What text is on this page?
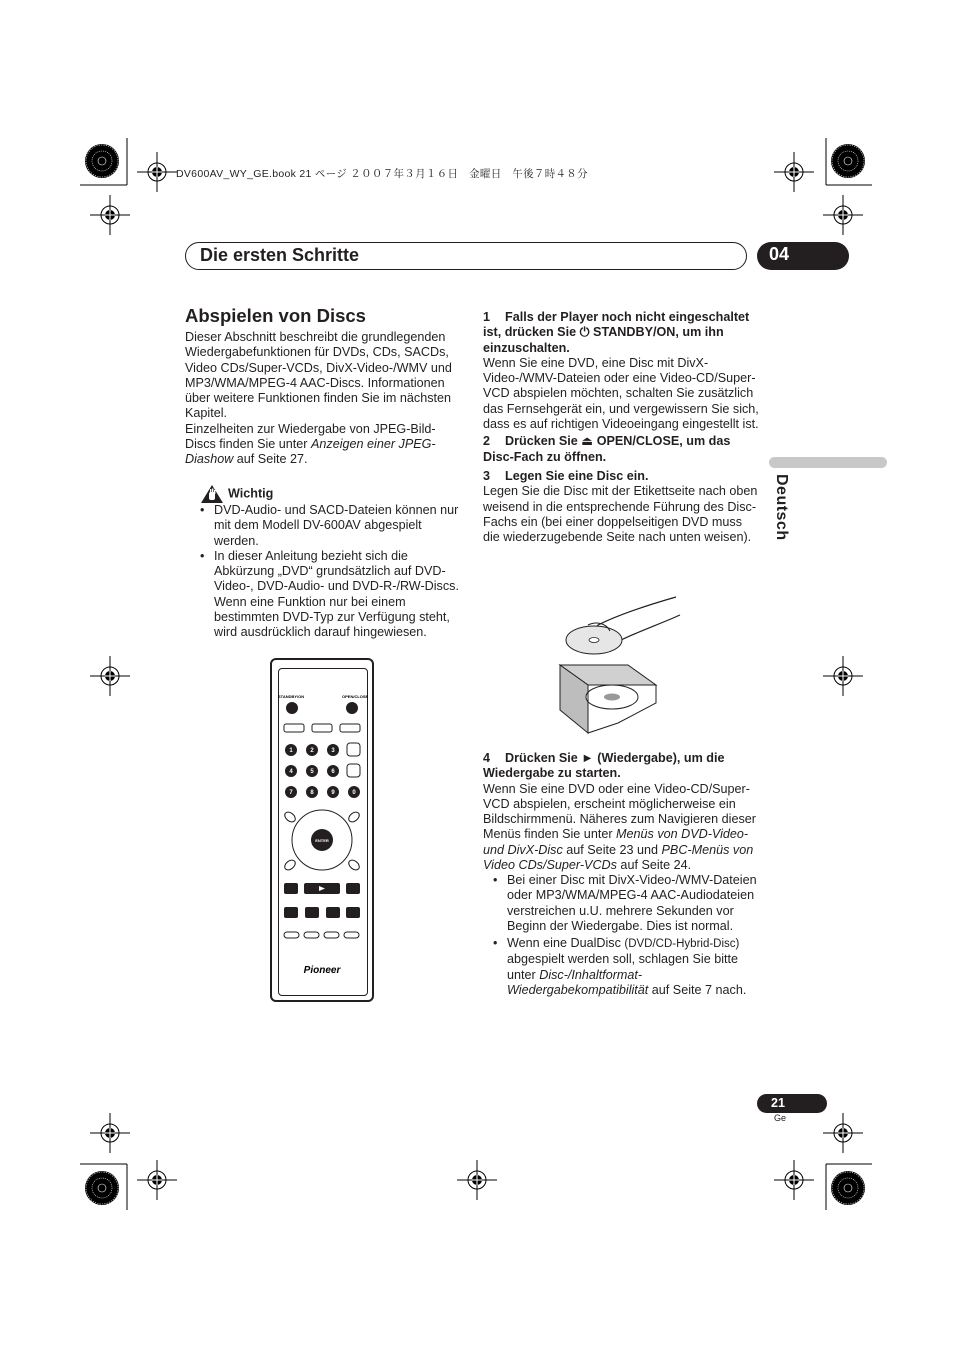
DV600AV_WY_GE.book 21 ページ ２００７年３月１６日　金曜日　午後７時４８分
Die ersten Schritte	04
Deutsch
Abspielen von Discs

Dieser Abschnitt beschreibt die grundlegenden Wiedergabefunktionen für DVDs, CDs, SACDs, Video CDs/Super-VCDs, DivX-Video-/WMV und MP3/WMA/MPEG-4 AAC-Discs. Informationen über weitere Funktionen finden Sie im nächsten Kapitel.

Einzelheiten zur Wiedergabe von JPEG-Bild-Discs finden Sie unter Anzeigen einer JPEG-Diashow auf Seite 27.

Wichtig
• DVD-Audio- und SACD-Dateien können nur mit dem Modell DV-600AV abgespielt werden.
• In dieser Anleitung bezieht sich die Abkürzung „DVD“ grundsätzlich auf DVD-Video-, DVD-Audio- und DVD-R-/RW-Discs. Wenn eine Funktion nur bei einem bestimmten DVD-Typ zur Verfügung steht, wird ausdrücklich darauf hingewiesen.
STANDBY/ON	OPEN/CLOSE
1	2	3
4	5	6
7	8	9	0
ENTER
Pioneer

1 Falls der Player noch nicht eingeschaltet ist, drücken Sie ⏻ STANDBY/ON, um ihn einzuschalten.

Wenn Sie eine DVD, eine Disc mit DivX-Video-/WMV-Dateien oder eine Video-CD/Super-VCD abspielen möchten, schalten Sie zusätzlich das Fernsehgerät ein, und vergewissern Sie sich, dass es auf richtigen Videoeingang eingestellt ist.

2 Drücken Sie ⏏ OPEN/CLOSE, um das Disc-Fach zu öffnen.

3 Legen Sie eine Disc ein.

Legen Sie die Disc mit der Etikettseite nach oben weisend in die entsprechende Führung des Disc-Fachs ein (bei einer doppelseitigen DVD muss die wiederzugebende Seite nach unten weisen).

4 Drücken Sie ► (Wiedergabe), um die Wiedergabe zu starten.

Wenn Sie eine DVD oder eine Video-CD/Super-VCD abspielen, erscheint möglicherweise ein Bildschirmmenü. Näheres zum Navigieren dieser Menüs finden Sie unter Menüs von DVD-Video- und DivX-Disc auf Seite 23 und PBC-Menüs von Video CDs/Super-VCDs auf Seite 24.

• Bei einer Disc mit DivX-Video-/WMV-Dateien oder MP3/WMA/MPEG-4 AAC-Audiodateien verstreichen u.U. mehrere Sekunden vor Beginn der Wiedergabe. Dies ist normal.
• Wenn eine DualDisc (DVD/CD-Hybrid-Disc) abgespielt werden soll, schlagen Sie bitte unter Disc-/Inhaltformat-Wiedergabekompatibilität auf Seite 7 nach.
21
Ge
